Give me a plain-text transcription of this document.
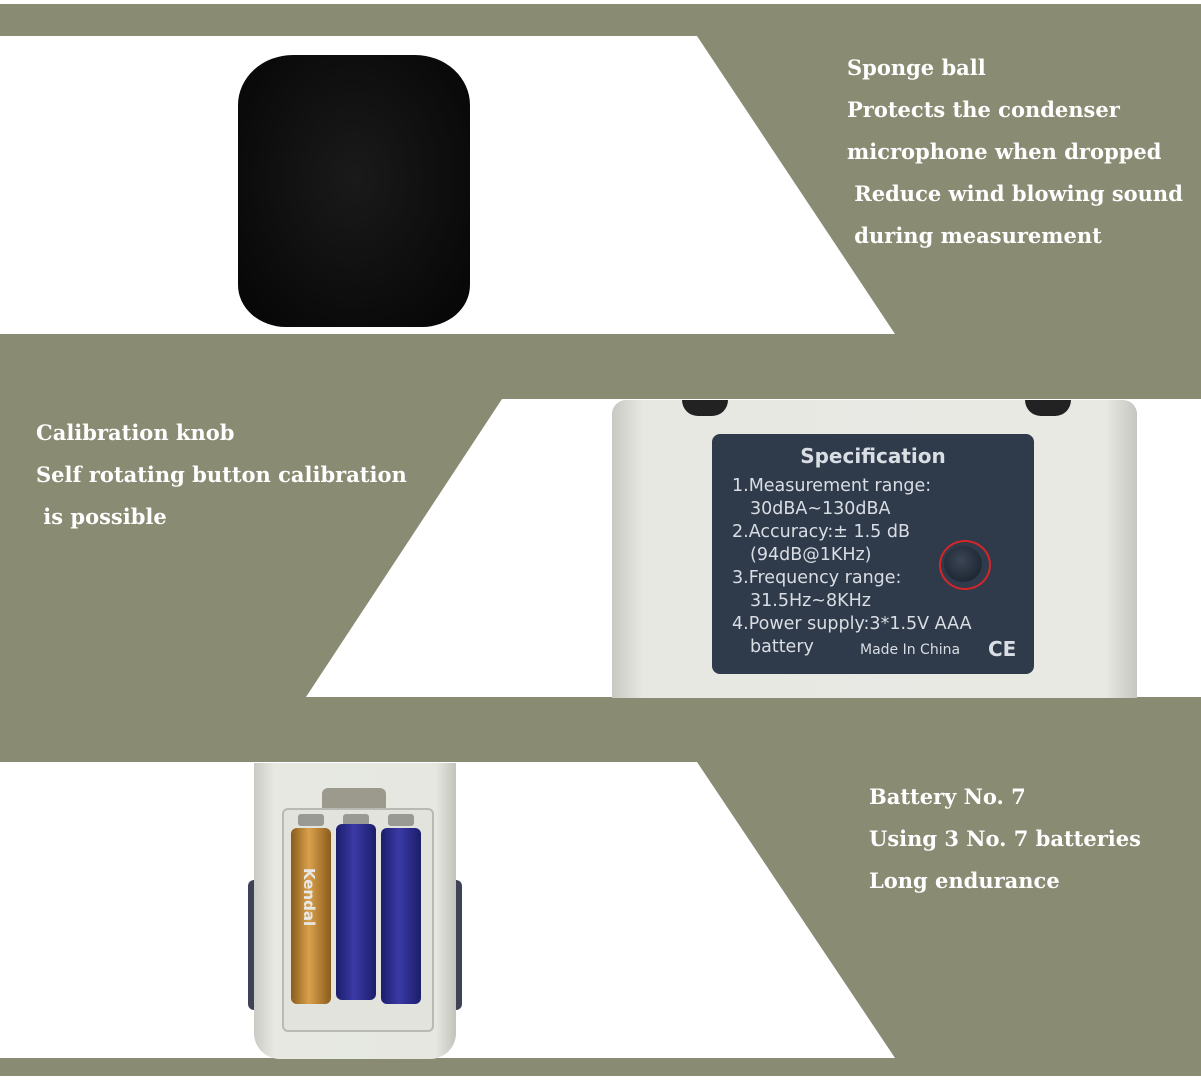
Sponge ball
Protects the condenser
microphone when dropped
Reduce wind blowing sound
during measurement
Specification
1.Measurement range:
30dBA~130dBA
2.Accuracy:± 1.5 dB
(94dB@1KHz)
3.Frequency range:
31.5Hz~8KHz
4.Power supply:3*1.5V AAA
battery	Made In China CE
Calibration knob
Self rotating button calibration
is possible
Kendal
Battery No. 7
Using 3 No. 7 batteries
Long endurance
